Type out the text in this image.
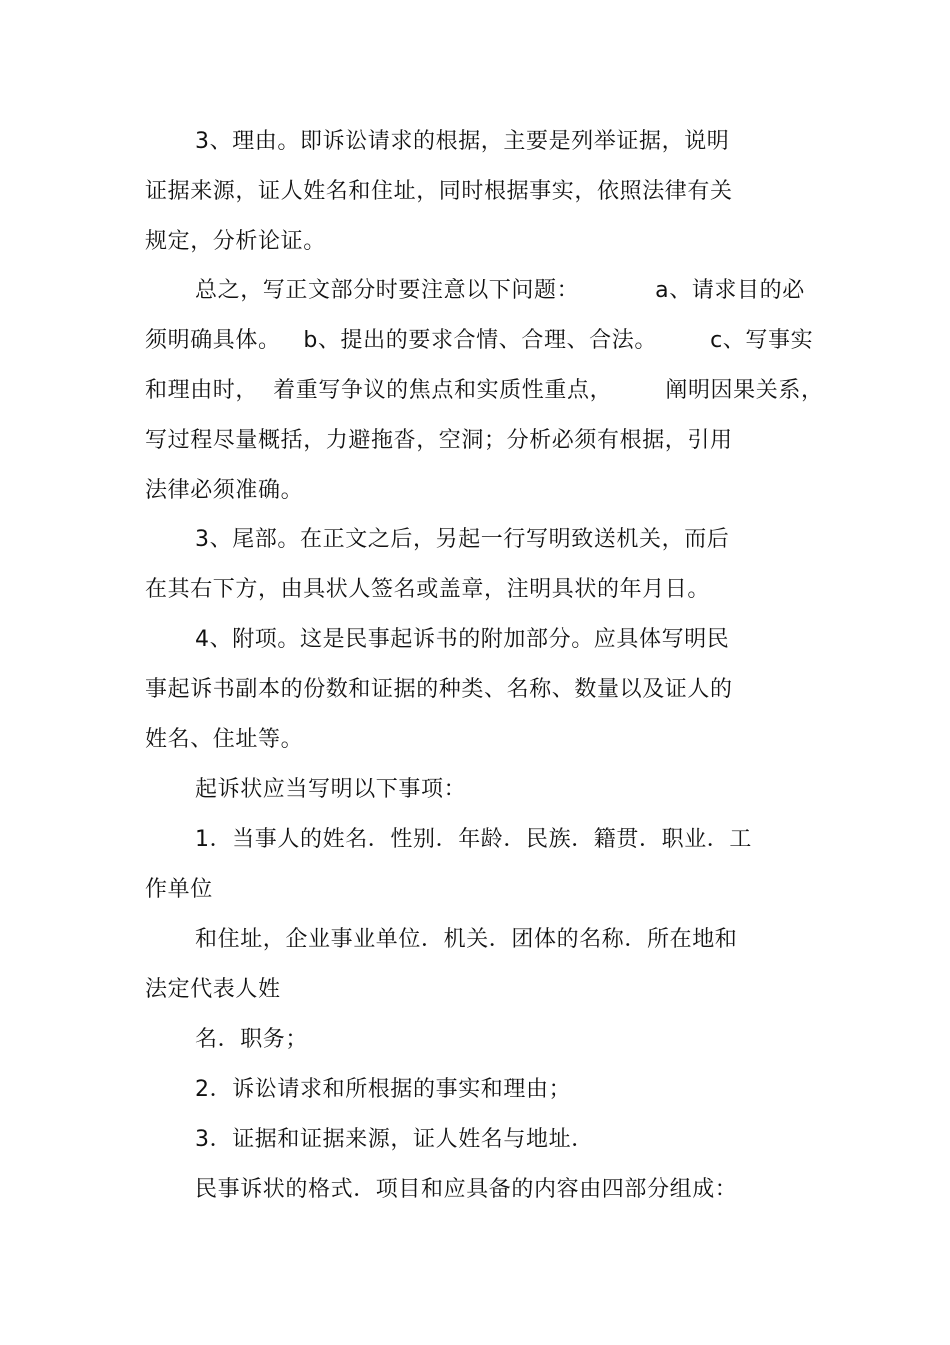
3、理由。即诉讼请求的根据，主要是列举证据，说明
证据来源，证人姓名和住址，同时根据事实，依照法律有关
规定，分析论证。
总之，写正文部分时要注意以下问题：          a、请求目的必
须明确具体。   b、提出的要求合情、合理、合法。       c、写事实
和理由时，  着重写争议的焦点和实质性重点，       阐明因果关系，
写过程尽量概括，力避拖沓，空洞；分析必须有根据，引用
法律必须准确。
3、尾部。在正文之后，另起一行写明致送机关，而后
在其右下方，由具状人签名或盖章，注明具状的年月日。
4、附项。这是民事起诉书的附加部分。应具体写明民
事起诉书副本的份数和证据的种类、名称、数量以及证人的
姓名、住址等。
起诉状应当写明以下事项：
1．当事人的姓名．性别．年龄．民族．籍贯．职业．工
作单位
和住址，企业事业单位．机关．团体的名称．所在地和
法定代表人姓
名．职务；
2．诉讼请求和所根据的事实和理由；
3．证据和证据来源，证人姓名与地址．
民事诉状的格式．项目和应具备的内容由四部分组成：
